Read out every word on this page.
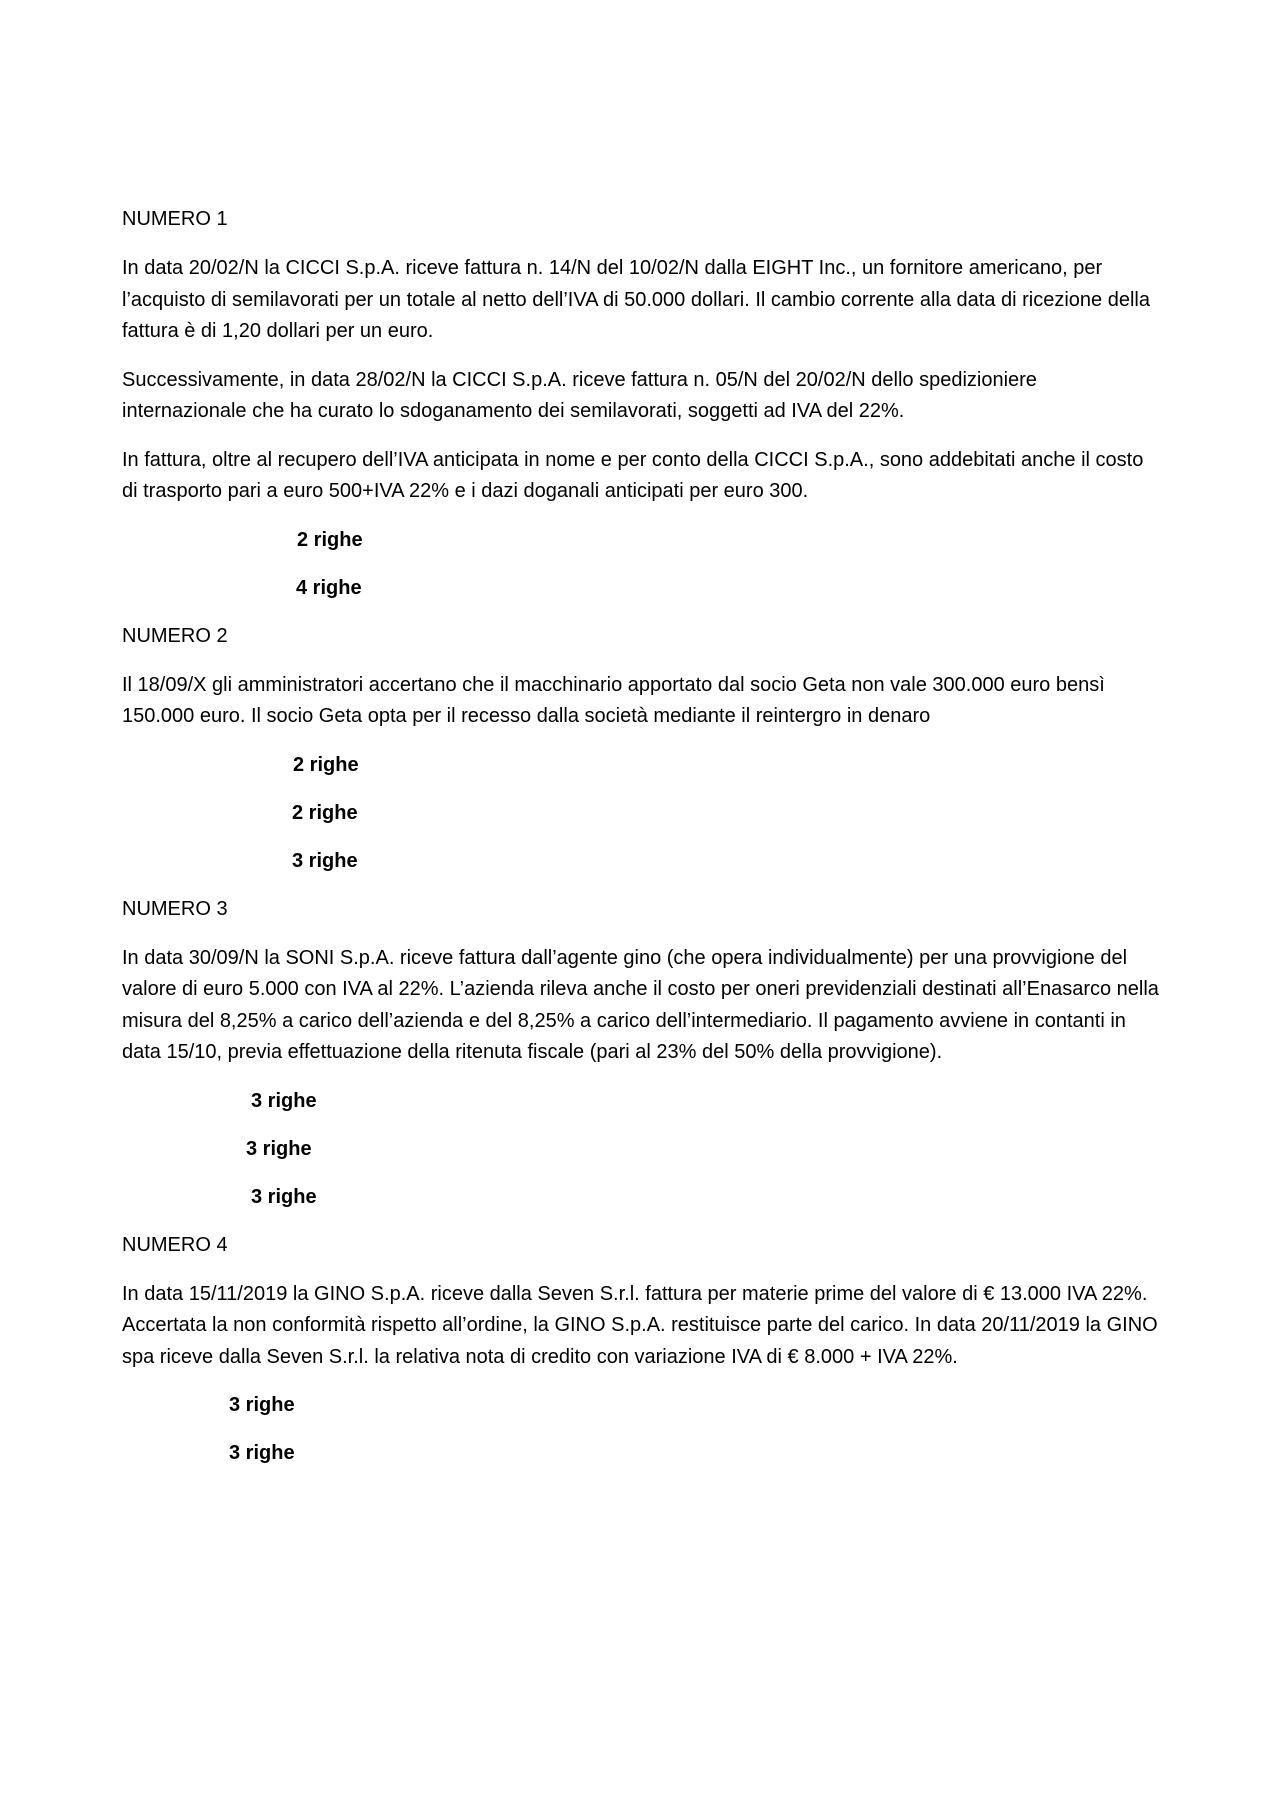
NUMERO 1
In data 20/02/N la CICCI S.p.A. riceve fattura n. 14/N del 10/02/N dalla EIGHT Inc., un fornitore americano, per l’acquisto di semilavorati per un totale al netto dell’IVA di 50.000 dollari. Il cambio corrente alla data di ricezione della fattura è di 1,20 dollari per un euro.
Successivamente, in data 28/02/N la CICCI S.p.A. riceve fattura n. 05/N del 20/02/N dello spedizioniere internazionale che ha curato lo sdoganamento dei semilavorati, soggetti ad IVA del 22%.
In fattura, oltre al recupero dell’IVA anticipata in nome e per conto della CICCI S.p.A., sono addebitati anche il costo di trasporto pari a euro 500+IVA 22% e i dazi doganali anticipati per euro 300.
2 righe
4 righe
NUMERO 2
Il 18/09/X gli amministratori accertano che il macchinario apportato dal socio Geta non vale 300.000 euro bensì 150.000 euro. Il socio Geta opta per il recesso dalla società mediante il reintergro in denaro
2 righe
2 righe
3 righe
NUMERO 3
In data 30/09/N la SONI S.p.A. riceve fattura dall’agente gino (che opera individualmente) per una provvigione del valore di euro 5.000 con IVA al 22%. L’azienda rileva anche il costo per oneri previdenziali destinati all’Enasarco nella misura del 8,25% a carico dell’azienda e del 8,25% a carico dell’intermediario. Il pagamento avviene in contanti in data 15/10, previa effettuazione della ritenuta fiscale (pari al 23% del 50% della provvigione).
3 righe
3 righe
3 righe
NUMERO 4
In data 15/11/2019 la GINO S.p.A. riceve dalla Seven S.r.l. fattura per materie prime del valore di € 13.000 IVA 22%. Accertata la non conformità rispetto all’ordine, la GINO S.p.A. restituisce parte del carico. In data 20/11/2019 la GINO spa riceve dalla Seven S.r.l. la relativa nota di credito con variazione IVA di € 8.000 + IVA 22%.
3 righe
3 righe
